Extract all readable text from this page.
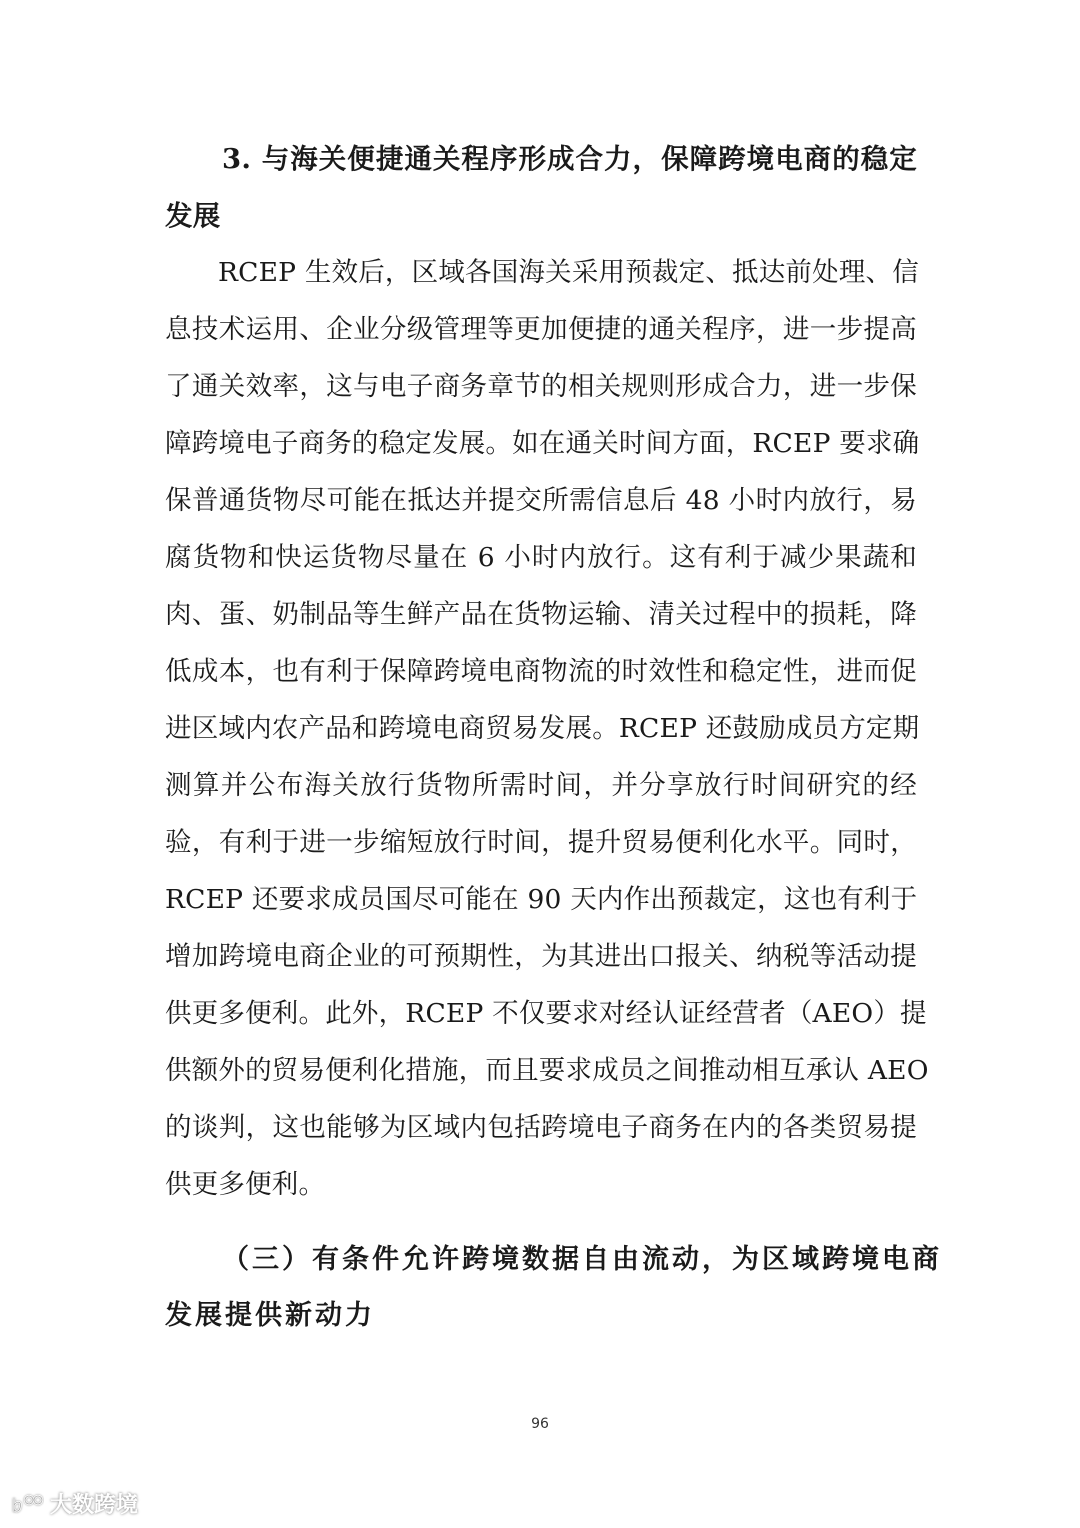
3. 与海关便捷通关程序形成合力，保障跨境电商的稳定
发展
RCEP 生效后，区域各国海关采用预裁定、抵达前处理、信
息技术运用、企业分级管理等更加便捷的通关程序，进一步提高
了通关效率，这与电子商务章节的相关规则形成合力，进一步保
障跨境电子商务的稳定发展。如在通关时间方面，RCEP 要求确
保普通货物尽可能在抵达并提交所需信息后 48 小时内放行，易
腐货物和快运货物尽量在 6 小时内放行。这有利于减少果蔬和
肉、蛋、奶制品等生鲜产品在货物运输、清关过程中的损耗，降
低成本，也有利于保障跨境电商物流的时效性和稳定性，进而促
进区域内农产品和跨境电商贸易发展。RCEP 还鼓励成员方定期
测算并公布海关放行货物所需时间，并分享放行时间研究的经
验，有利于进一步缩短放行时间，提升贸易便利化水平。同时，
RCEP 还要求成员国尽可能在 90 天内作出预裁定，这也有利于
增加跨境电商企业的可预期性，为其进出口报关、纳税等活动提
供更多便利。此外，RCEP 不仅要求对经认证经营者（AEO）提
供额外的贸易便利化措施，而且要求成员之间推动相互承认 AEO
的谈判，这也能够为区域内包括跨境电子商务在内的各类贸易提
供更多便利。
（三）有条件允许跨境数据自由流动，为区域跨境电商
发展提供新动力
96
大数跨境
